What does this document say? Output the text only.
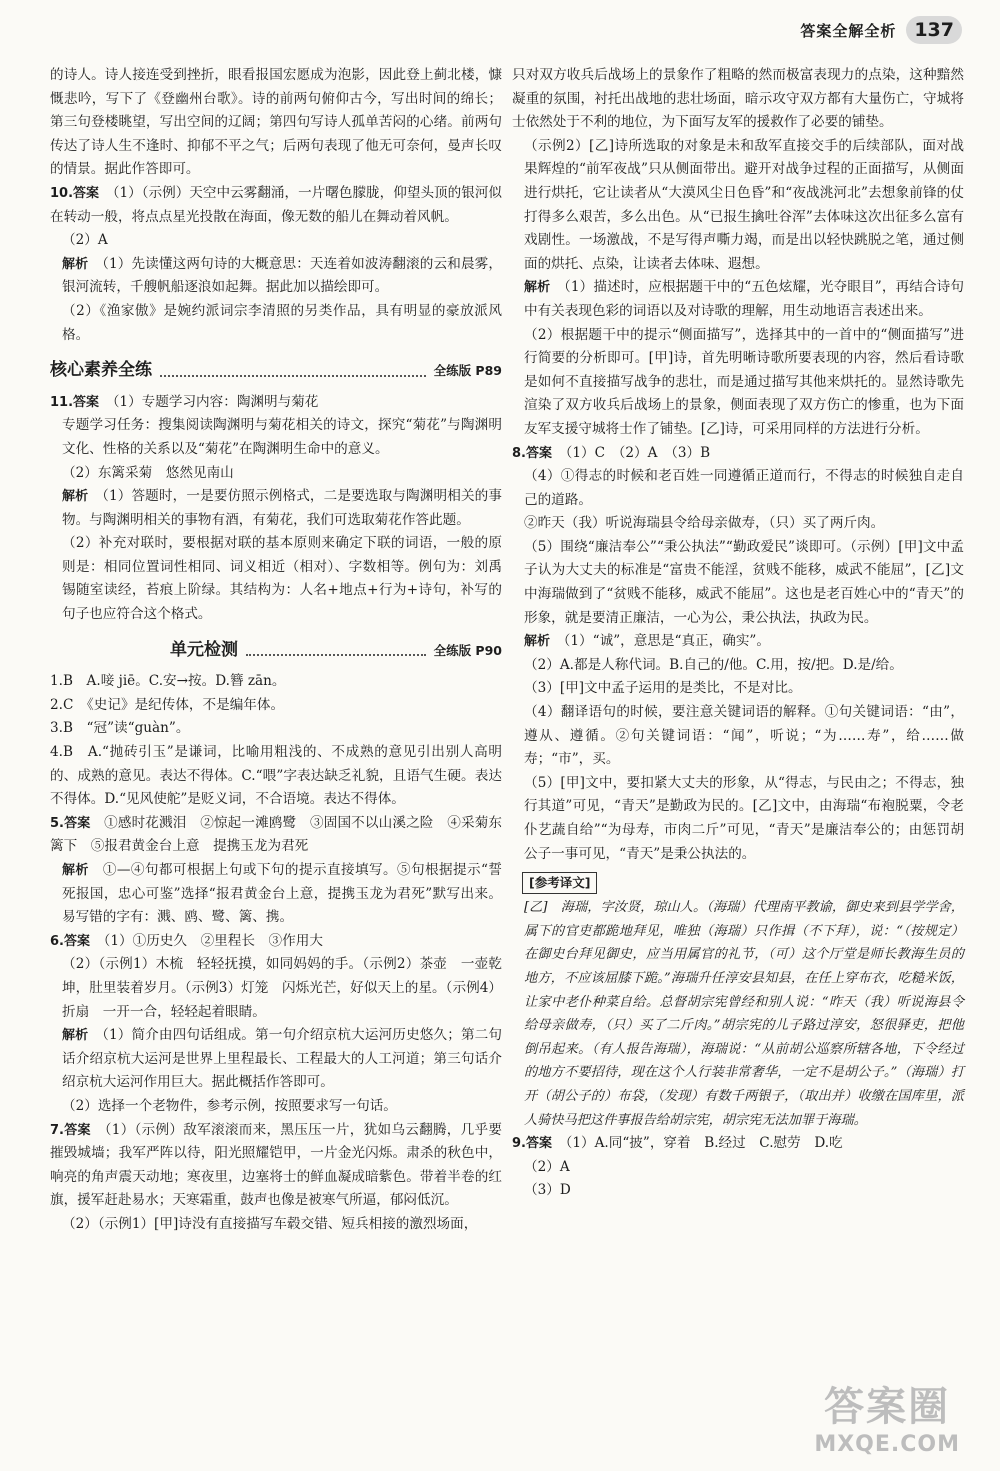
答案全解全析 137

的诗人。诗人接连受到挫折，眼看报国宏愿成为泡影，因此登上蓟北楼，慷慨悲吟，写下了《登幽州台歌》。诗的前两句俯仰古今，写出时间的绵长；第三句登楼眺望，写出空间的辽阔；第四句写诗人孤单苦闷的心绪。前两句传达了诗人生不逢时、抑郁不平之气；后两句表现了他无可奈何，曼声长叹的情景。据此作答即可。

10.答案　 （1）（示例）天空中云雾翻涌，一片曙色朦胧，仰望头顶的银河似在转动一般，将点点星光投散在海面，像无数的船儿在舞动着风帆。

（2）A

解析　 （1）先读懂这两句诗的大概意思：天连着如波涛翻滚的云和晨雾，银河流转，千艘帆船逐浪如起舞。据此加以描绘即可。

（2）《渔家傲》是婉约派词宗李清照的另类作品，具有明显的豪放派风格。

核心素养全练	全练版 P89

11.答案　 （1）专题学习内容：陶渊明与菊花

专题学习任务：搜集阅读陶渊明与菊花相关的诗文，探究“菊花”与陶渊明文化、性格的关系以及“菊花”在陶渊明生命中的意义。

（2）东篱采菊　悠然见南山

解析　 （1）答题时，一是要仿照示例格式，二是要选取与陶渊明相关的事物。与陶渊明相关的事物有酒，有菊花，我们可选取菊花作答此题。

（2）补充对联时，要根据对联的基本原则来确定下联的词语，一般的原则是：相同位置词性相同、词义相近（相对）、字数相等。例句为：刘禹锡随室读经，苔痕上阶绿。其结构为：人名+地点+行为+诗句，补写的句子也应符合这个格式。

单元检测	全练版 P90

1.B　A.唼 jiē。C.安→按。D.簪 zān。

2.C　《史记》是纪传体，不是编年体。

3.B　“冠”读“guàn”。

4.B　A.“抛砖引玉”是谦词，比喻用粗浅的、不成熟的意见引出别人高明的、成熟的意见。表达不得体。C.“喂”字表达缺乏礼貌，且语气生硬。表达不得体。D.“见风使舵”是贬义词，不合语境。表达不得体。

5.答案　 ①感时花溅泪　②惊起一滩鸥鹭　③固国不以山溪之险　④采菊东篱下　⑤报君黄金台上意　提携玉龙为君死

解析　 ①—④句都可根据上句或下句的提示直接填写。⑤句根据提示“誓死报国，忠心可鉴”选择“报君黄金台上意，提携玉龙为君死”默写出来。易写错的字有：溅、鸥、鹭、篱、携。

6.答案　 （1）①历史久　②里程长　③作用大

（2）（示例1）木梳　轻轻抚摸，如同妈妈的手。（示例2）茶壶　一壶乾坤，肚里装着岁月。（示例3）灯笼　闪烁光芒，好似天上的星。（示例4）折扇　一开一合，轻轻起着眼睛。

解析　 （1）简介由四句话组成。第一句介绍京杭大运河历史悠久；第二句话介绍京杭大运河是世界上里程最长、工程最大的人工河道；第三句话介绍京杭大运河作用巨大。据此概括作答即可。

（2）选择一个老物件，参考示例，按照要求写一句话。

7.答案　 （1）（示例）敌军滚滚而来，黑压压一片，犹如乌云翻腾，几乎要摧毁城墙；我军严阵以待，阳光照耀铠甲，一片金光闪烁。肃杀的秋色中，响亮的角声震天动地；寒夜里，边塞将士的鲜血凝成暗紫色。带着半卷的红旗，援军赶赴易水；天寒霜重，鼓声也像是被寒气所逼，郁闷低沉。

（2）（示例1）[甲]诗没有直接描写车毂交错、短兵相接的激烈场面，

只对双方收兵后战场上的景象作了粗略的然而极富表现力的点染，这种黯然凝重的氛围，衬托出战地的悲壮场面，暗示攻守双方都有大量伤亡，守城将士依然处于不利的地位，为下面写友军的援救作了必要的铺垫。

（示例2）[乙]诗所选取的对象是未和敌军直接交手的后续部队，面对战果辉煌的“前军夜战”只从侧面带出。避开对战争过程的正面描写，从侧面进行烘托，它让读者从“大漠风尘日色昏”和“夜战洮河北”去想象前锋的仗打得多么艰苦，多么出色。从“已报生擒吐谷浑”去体味这次出征多么富有戏剧性。一场激战，不是写得声嘶力竭，而是出以轻快跳脱之笔，通过侧面的烘托、点染，让读者去体味、遐想。

解析　 （1）描述时，应根据题干中的“五色炫耀，光夺眼目”，再结合诗句中有关表现色彩的词语以及对诗歌的理解，用生动地语言表述出来。

（2）根据题干中的提示“侧面描写”，选择其中的一首中的“侧面描写”进行简要的分析即可。[甲]诗，首先明晰诗歌所要表现的内容，然后看诗歌是如何不直接描写战争的悲壮，而是通过描写其他来烘托的。显然诗歌先渲染了双方收兵后战场上的景象，侧面表现了双方伤亡的惨重，也为下面友军支援守城将士作了铺垫。[乙]诗，可采用同样的方法进行分析。

8.答案　 （1）C　（2）A　（3）B

（4）①得志的时候和老百姓一同遵循正道而行，不得志的时候独自走自己的道路。

②昨天（我）听说海瑞县令给母亲做寿，（只）买了两斤肉。

（5）围绕“廉洁奉公”“秉公执法”“勤政爱民”谈即可。（示例）[甲]文中孟子认为大丈夫的标准是“富贵不能淫，贫贱不能移，威武不能屈”，[乙]文中海瑞做到了“贫贱不能移，威武不能屈”。这也是老百姓心中的“青天”的形象，就是要清正廉洁，一心为公，秉公执法，执政为民。

解析　 （1）“诚”，意思是“真正，确实”。

（2）A.都是人称代词。B.自己的/他。C.用，按/把。D.是/给。

（3）[甲]文中孟子运用的是类比，不是对比。

（4）翻译语句的时候，要注意关键词语的解释。①句关键词语：“由”，遵从、遵循。②句关键词语：“闻”，听说；“为……寿”，给……做寿；“市”，买。

（5）[甲]文中，要扣紧大丈夫的形象，从“得志，与民由之；不得志，独行其道”可见，“青天”是勤政为民的。[乙]文中，由海瑞“布袍脱粟，令老仆艺蔬自给”“为母寿，市肉二斤”可见，“青天”是廉洁奉公的；由惩罚胡公子一事可见，“青天”是秉公执法的。

[参考译文]

[乙]　海瑞，字汝贤，琼山人。（海瑞）代理南平教谕，御史来到县学学舍，属下的官吏都跪地拜见，唯独（海瑞）只作揖（不下拜），说：“（按规定）在御史台拜见御史，应当用属官的礼节，（可）这个厅堂是师长教海生员的地方，不应该屈膝下跪。”海瑞升任淳安县知县，在任上穿布衣，吃糙米饭，让家中老仆种菜自给。总督胡宗宪曾经和别人说：“昨天（我）听说海县令给母亲做寿，（只）买了二斤肉。”胡宗宪的儿子路过淳安，怒很驿吏，把他倒吊起来。（有人报告海瑞），海瑞说：“从前胡公巡察所辖各地，下令经过的地方不要招待，现在这个人行装非常奢华，一定不是胡公子。”（海瑞）打开（胡公子的）布袋，（发现）有数千两银子，（取出并）收缴在国库里，派人骑快马把这件事报告给胡宗宪，胡宗宪无法加罪于海瑞。

9.答案　 （1）A.同“披”，穿着　B.经过　C.慰劳　D.吃

（2）A

（3）D

答案圈
MXQE.COM
